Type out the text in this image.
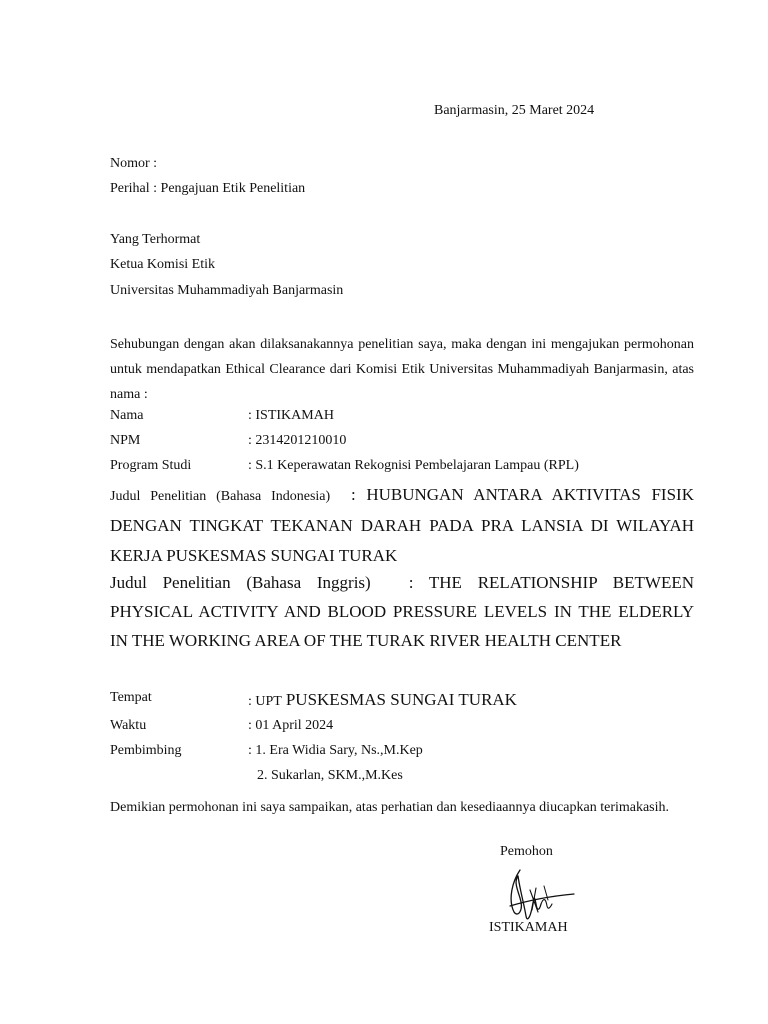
Banjarmasin, 25 Maret 2024
Nomor :
Perihal : Pengajuan Etik Penelitian
Yang Terhormat
Ketua Komisi Etik
Universitas Muhammadiyah Banjarmasin
Sehubungan dengan akan dilaksanakannya penelitian saya, maka dengan ini mengajukan permohonan untuk mendapatkan Ethical Clearance dari Komisi Etik Universitas Muhammadiyah Banjarmasin, atas nama :
Nama	: ISTIKAMAH
NPM	: 2314201210010
Program Studi	: S.1 Keperawatan Rekognisi Pembelajaran Lampau (RPL)
Judul Penelitian (Bahasa Indonesia) : HUBUNGAN ANTARA AKTIVITAS FISIK DENGAN TINGKAT TEKANAN DARAH PADA PRA LANSIA DI WILAYAH KERJA PUSKESMAS SUNGAI TURAK
Judul Penelitian (Bahasa Inggris) : THE RELATIONSHIP BETWEEN PHYSICAL ACTIVITY AND BLOOD PRESSURE LEVELS IN THE ELDERLY IN THE WORKING AREA OF THE TURAK RIVER HEALTH CENTER
Tempat	: UPT PUSKESMAS SUNGAI TURAK
Waktu	: 01 April 2024
Pembimbing	: 1. Era Widia Sary, Ns.,M.Kep
2. Sukarlan, SKM.,M.Kes
Demikian permohonan ini saya sampaikan, atas perhatian dan kesediaannya diucapkan terimakasih.
Pemohon
ISTIKAMAH
